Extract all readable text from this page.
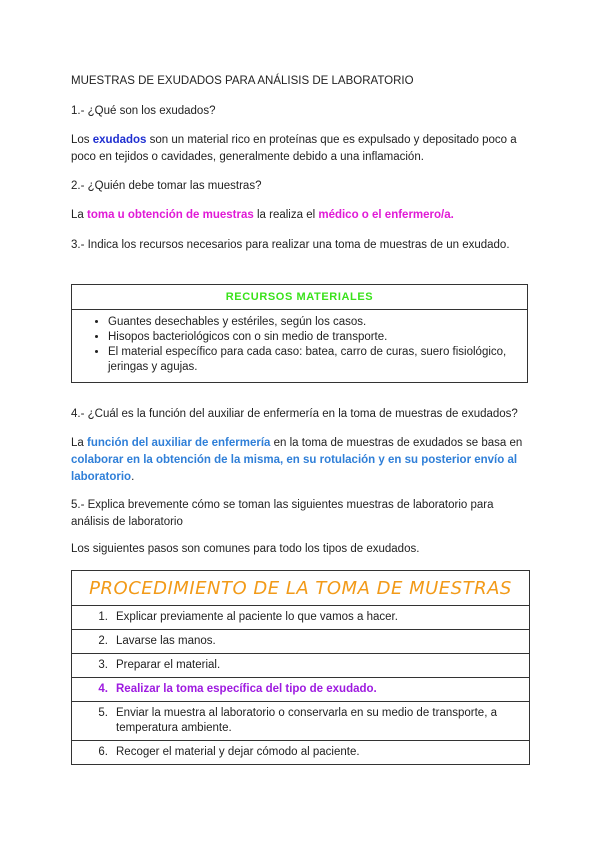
MUESTRAS DE EXUDADOS PARA ANÁLISIS DE LABORATORIO

1.- ¿Qué son los exudados?

Los exudados son un material rico en proteínas que es expulsado y depositado poco a poco en tejidos o cavidades, generalmente debido a una inflamación.

2.- ¿Quién debe tomar las muestras?

La toma u obtención de muestras la realiza el médico o el enfermero/a.

3.- Indica los recursos necesarios para realizar una toma de muestras de un exudado.

RECURSOS MATERIALES
• Guantes desechables y estériles, según los casos.
• Hisopos bacteriológicos con o sin medio de transporte.
• El material específico para cada caso: batea, carro de curas, suero fisiológico, jeringas y agujas.

4.- ¿Cuál es la función del auxiliar de enfermería en la toma de muestras de exudados?

La función del auxiliar de enfermería en la toma de muestras de exudados se basa en colaborar en la obtención de la misma, en su rotulación y en su posterior envío al laboratorio.

5.- Explica brevemente cómo se toman las siguientes muestras de laboratorio para análisis de laboratorio

Los siguientes pasos son comunes para todo los tipos de exudados.

PROCEDIMIENTO DE LA TOMA DE MUESTRAS
1. Explicar previamente al paciente lo que vamos a hacer.
2. Lavarse las manos.
3. Preparar el material.
4. Realizar la toma específica del tipo de exudado.
5. Enviar la muestra al laboratorio o conservarla en su medio de transporte, a temperatura ambiente.
6. Recoger el material y dejar cómodo al paciente.
